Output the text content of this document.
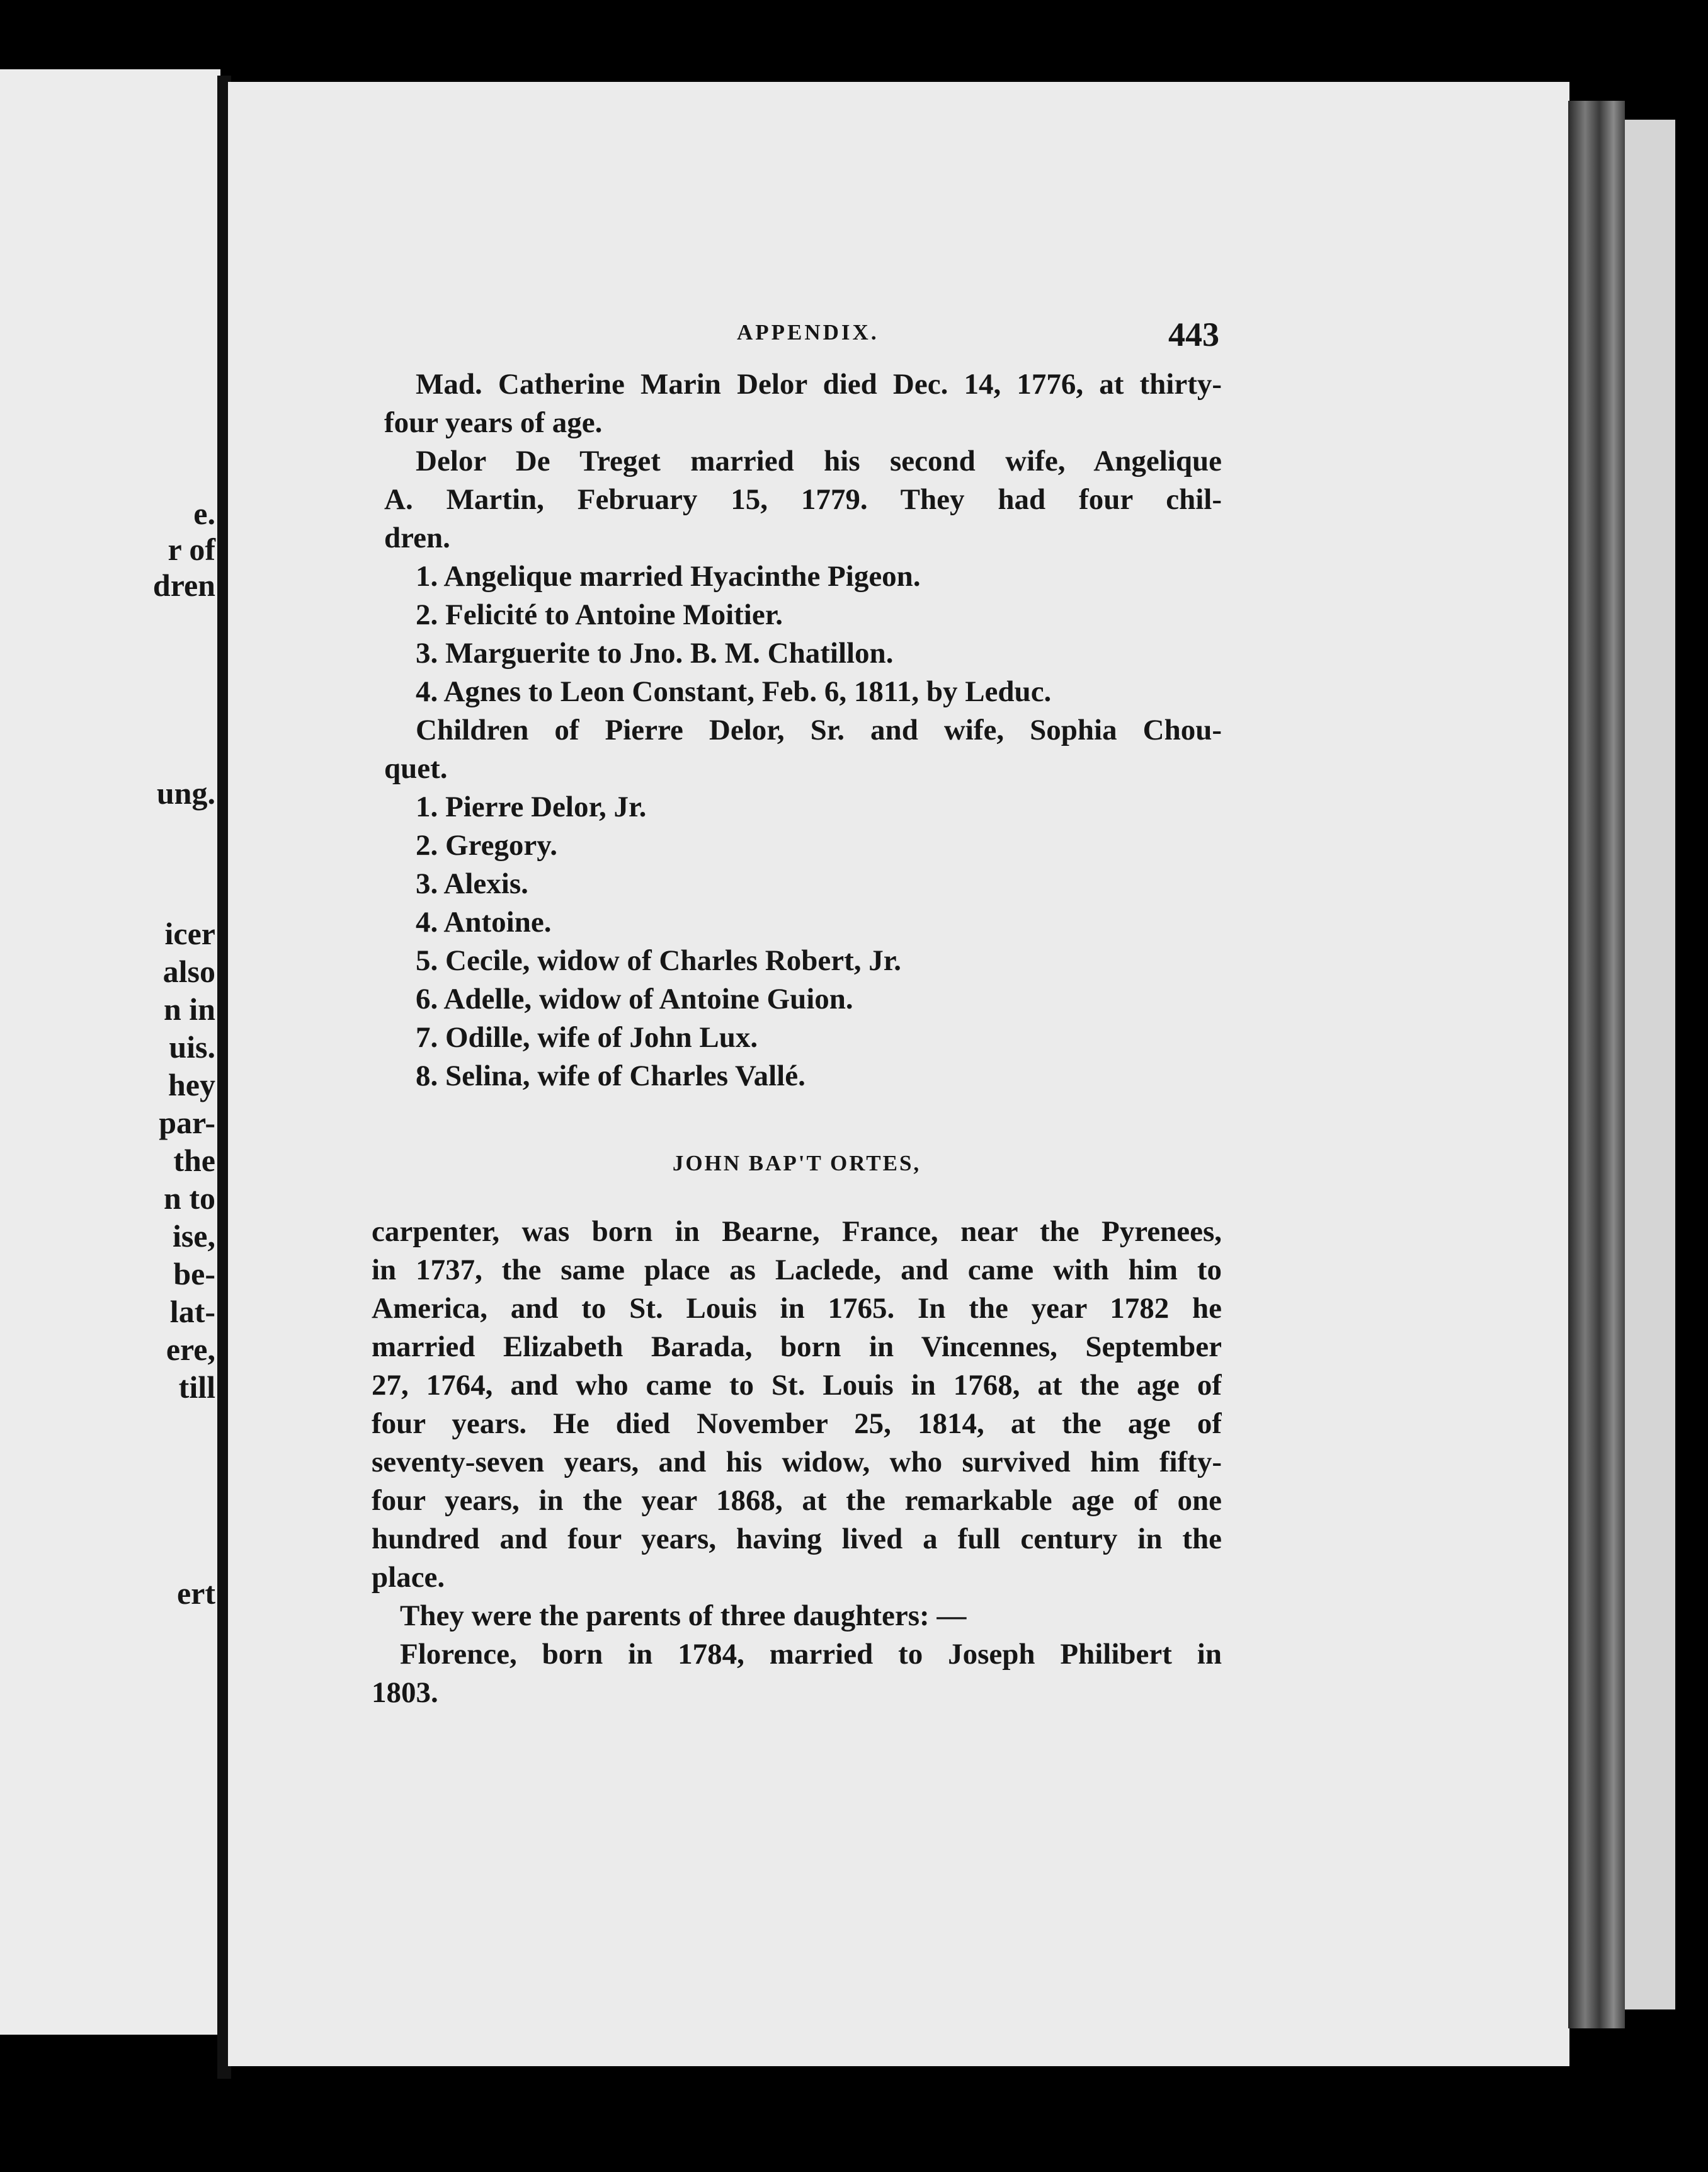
e.

r of

dren

ung.

icer

also

n in

uis.

hey

par-

the

n to

ise,

be-

lat-

ere,

till

ert

APPENDIX.	443

Mad. Catherine Marin Delor died Dec. 14, 1776, at thirty-

four years of age.

Delor De Treget married his second wife, Angelique

A. Martin, February 15, 1779. They had four chil-

dren.

1. Angelique married Hyacinthe Pigeon.

2. Felicité to Antoine Moitier.

3. Marguerite to Jno. B. M. Chatillon.

4. Agnes to Leon Constant, Feb. 6, 1811, by Leduc.

Children of Pierre Delor, Sr. and wife, Sophia Chou-

quet.

1. Pierre Delor, Jr.

2. Gregory.

3. Alexis.

4. Antoine.

5. Cecile, widow of Charles Robert, Jr.

6. Adelle, widow of Antoine Guion.

7. Odille, wife of John Lux.

8. Selina, wife of Charles Vallé.

JOHN BAP'T ORTES,

carpenter, was born in Bearne, France, near the Pyrenees,

in 1737, the same place as Laclede, and came with him to

America, and to St. Louis in 1765. In the year 1782 he

married Elizabeth Barada, born in Vincennes, September

27, 1764, and who came to St. Louis in 1768, at the age of

four years. He died November 25, 1814, at the age of

seventy-seven years, and his widow, who survived him fifty-

four years, in the year 1868, at the remarkable age of one

hundred and four years, having lived a full century in the

place.

They were the parents of three daughters: —

Florence, born in 1784, married to Joseph Philibert in

1803.
